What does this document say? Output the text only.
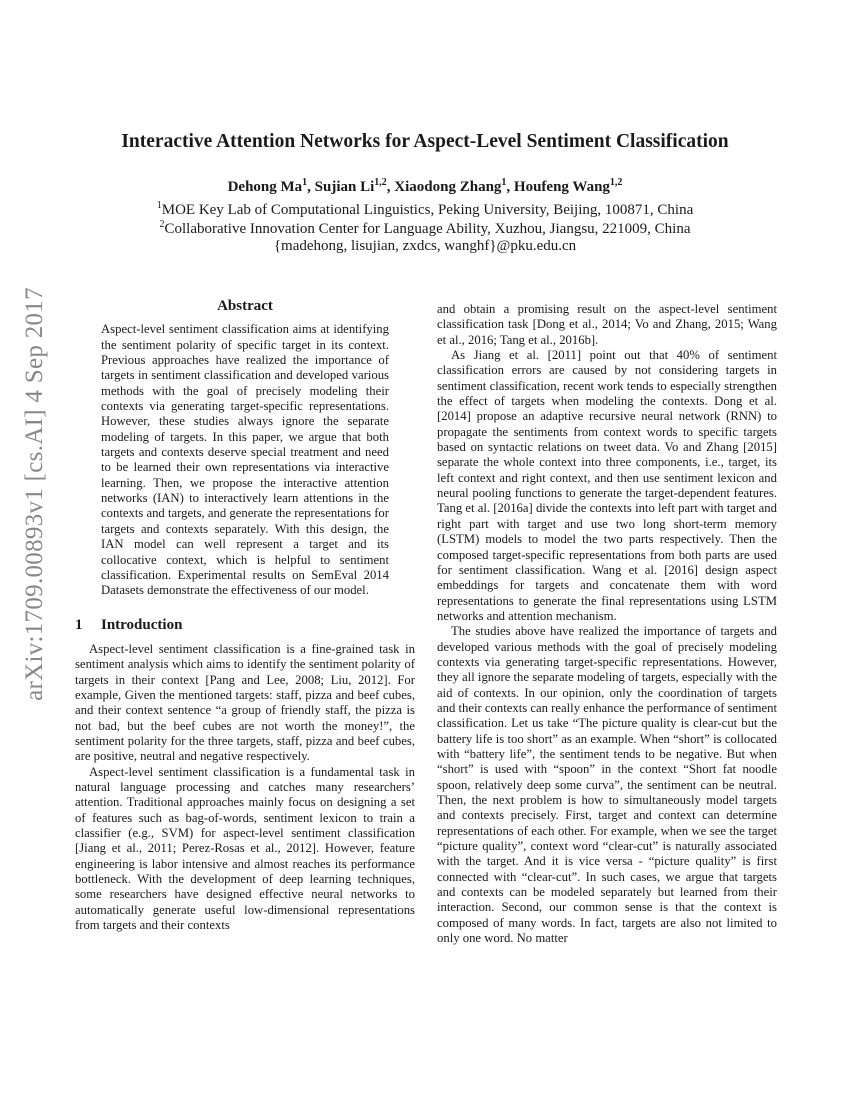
arXiv:1709.00893v1 [cs.AI] 4 Sep 2017
Interactive Attention Networks for Aspect-Level Sentiment Classification
Dehong Ma$^1$, Sujian Li$^{1,2}$, Xiaodong Zhang$^1$, Houfeng Wang$^{1,2}$
$^1$MOE Key Lab of Computational Linguistics, Peking University, Beijing, 100871, China
$^2$Collaborative Innovation Center for Language Ability, Xuzhou, Jiangsu, 221009, China
{madehong, lisujian, zxdcs, wanghf}@pku.edu.cn
Abstract

Aspect-level sentiment classification aims at identifying the sentiment polarity of specific target in its context. Previous approaches have realized the importance of targets in sentiment classification and developed various methods with the goal of precisely modeling their contexts via generating target-specific representations. However, these studies always ignore the separate modeling of targets. In this paper, we argue that both targets and contexts deserve special treatment and need to be learned their own representations via interactive learning. Then, we propose the interactive attention networks (IAN) to interactively learn attentions in the contexts and targets, and generate the representations for targets and contexts separately. With this design, the IAN model can well represent a target and its collocative context, which is helpful to sentiment classification. Experimental results on SemEval 2014 Datasets demonstrate the effectiveness of our model.

1 Introduction

Aspect-level sentiment classification is a fine-grained task in sentiment analysis which aims to identify the sentiment polarity of targets in their context [Pang and Lee, 2008; Liu, 2012]. For example, Given the mentioned targets: staff, pizza and beef cubes, and their context sentence “a group of friendly staff, the pizza is not bad, but the beef cubes are not worth the money!”, the sentiment polarity for the three targets, staff, pizza and beef cubes, are positive, neutral and negative respectively.

Aspect-level sentiment classification is a fundamental task in natural language processing and catches many researchers’ attention. Traditional approaches mainly focus on designing a set of features such as bag-of-words, sentiment lexicon to train a classifier (e.g., SVM) for aspect-level sentiment classification [Jiang et al., 2011; Perez-Rosas et al., 2012]. However, feature engineering is labor intensive and almost reaches its performance bottleneck. With the development of deep learning techniques, some researchers have designed effective neural networks to automatically generate useful low-dimensional representations from targets and their contexts

and obtain a promising result on the aspect-level sentiment classification task [Dong et al., 2014; Vo and Zhang, 2015; Wang et al., 2016; Tang et al., 2016b].

As Jiang et al. [2011] point out that 40% of sentiment classification errors are caused by not considering targets in sentiment classification, recent work tends to especially strengthen the effect of targets when modeling the contexts. Dong et al. [2014] propose an adaptive recursive neural network (RNN) to propagate the sentiments from context words to specific targets based on syntactic relations on tweet data. Vo and Zhang [2015] separate the whole context into three components, i.e., target, its left context and right context, and then use sentiment lexicon and neural pooling functions to generate the target-dependent features. Tang et al. [2016a] divide the contexts into left part with target and right part with target and use two long short-term memory (LSTM) models to model the two parts respectively. Then the composed target-specific representations from both parts are used for sentiment classification. Wang et al. [2016] design aspect embeddings for targets and concatenate them with word representations to generate the final representations using LSTM networks and attention mechanism.

The studies above have realized the importance of targets and developed various methods with the goal of precisely modeling contexts via generating target-specific representations. However, they all ignore the separate modeling of targets, especially with the aid of contexts. In our opinion, only the coordination of targets and their contexts can really enhance the performance of sentiment classification. Let us take “The picture quality is clear-cut but the battery life is too short” as an example. When “short” is collocated with “battery life”, the sentiment tends to be negative. But when “short” is used with “spoon” in the context “Short fat noodle spoon, relatively deep some curva”, the sentiment can be neutral. Then, the next problem is how to simultaneously model targets and contexts precisely. First, target and context can determine representations of each other. For example, when we see the target “picture quality”, context word “clear-cut” is naturally associated with the target. And it is vice versa - “picture quality” is first connected with “clear-cut”. In such cases, we argue that targets and contexts can be modeled separately but learned from their interaction. Second, our common sense is that the context is composed of many words. In fact, targets are also not limited to only one word. No matter
